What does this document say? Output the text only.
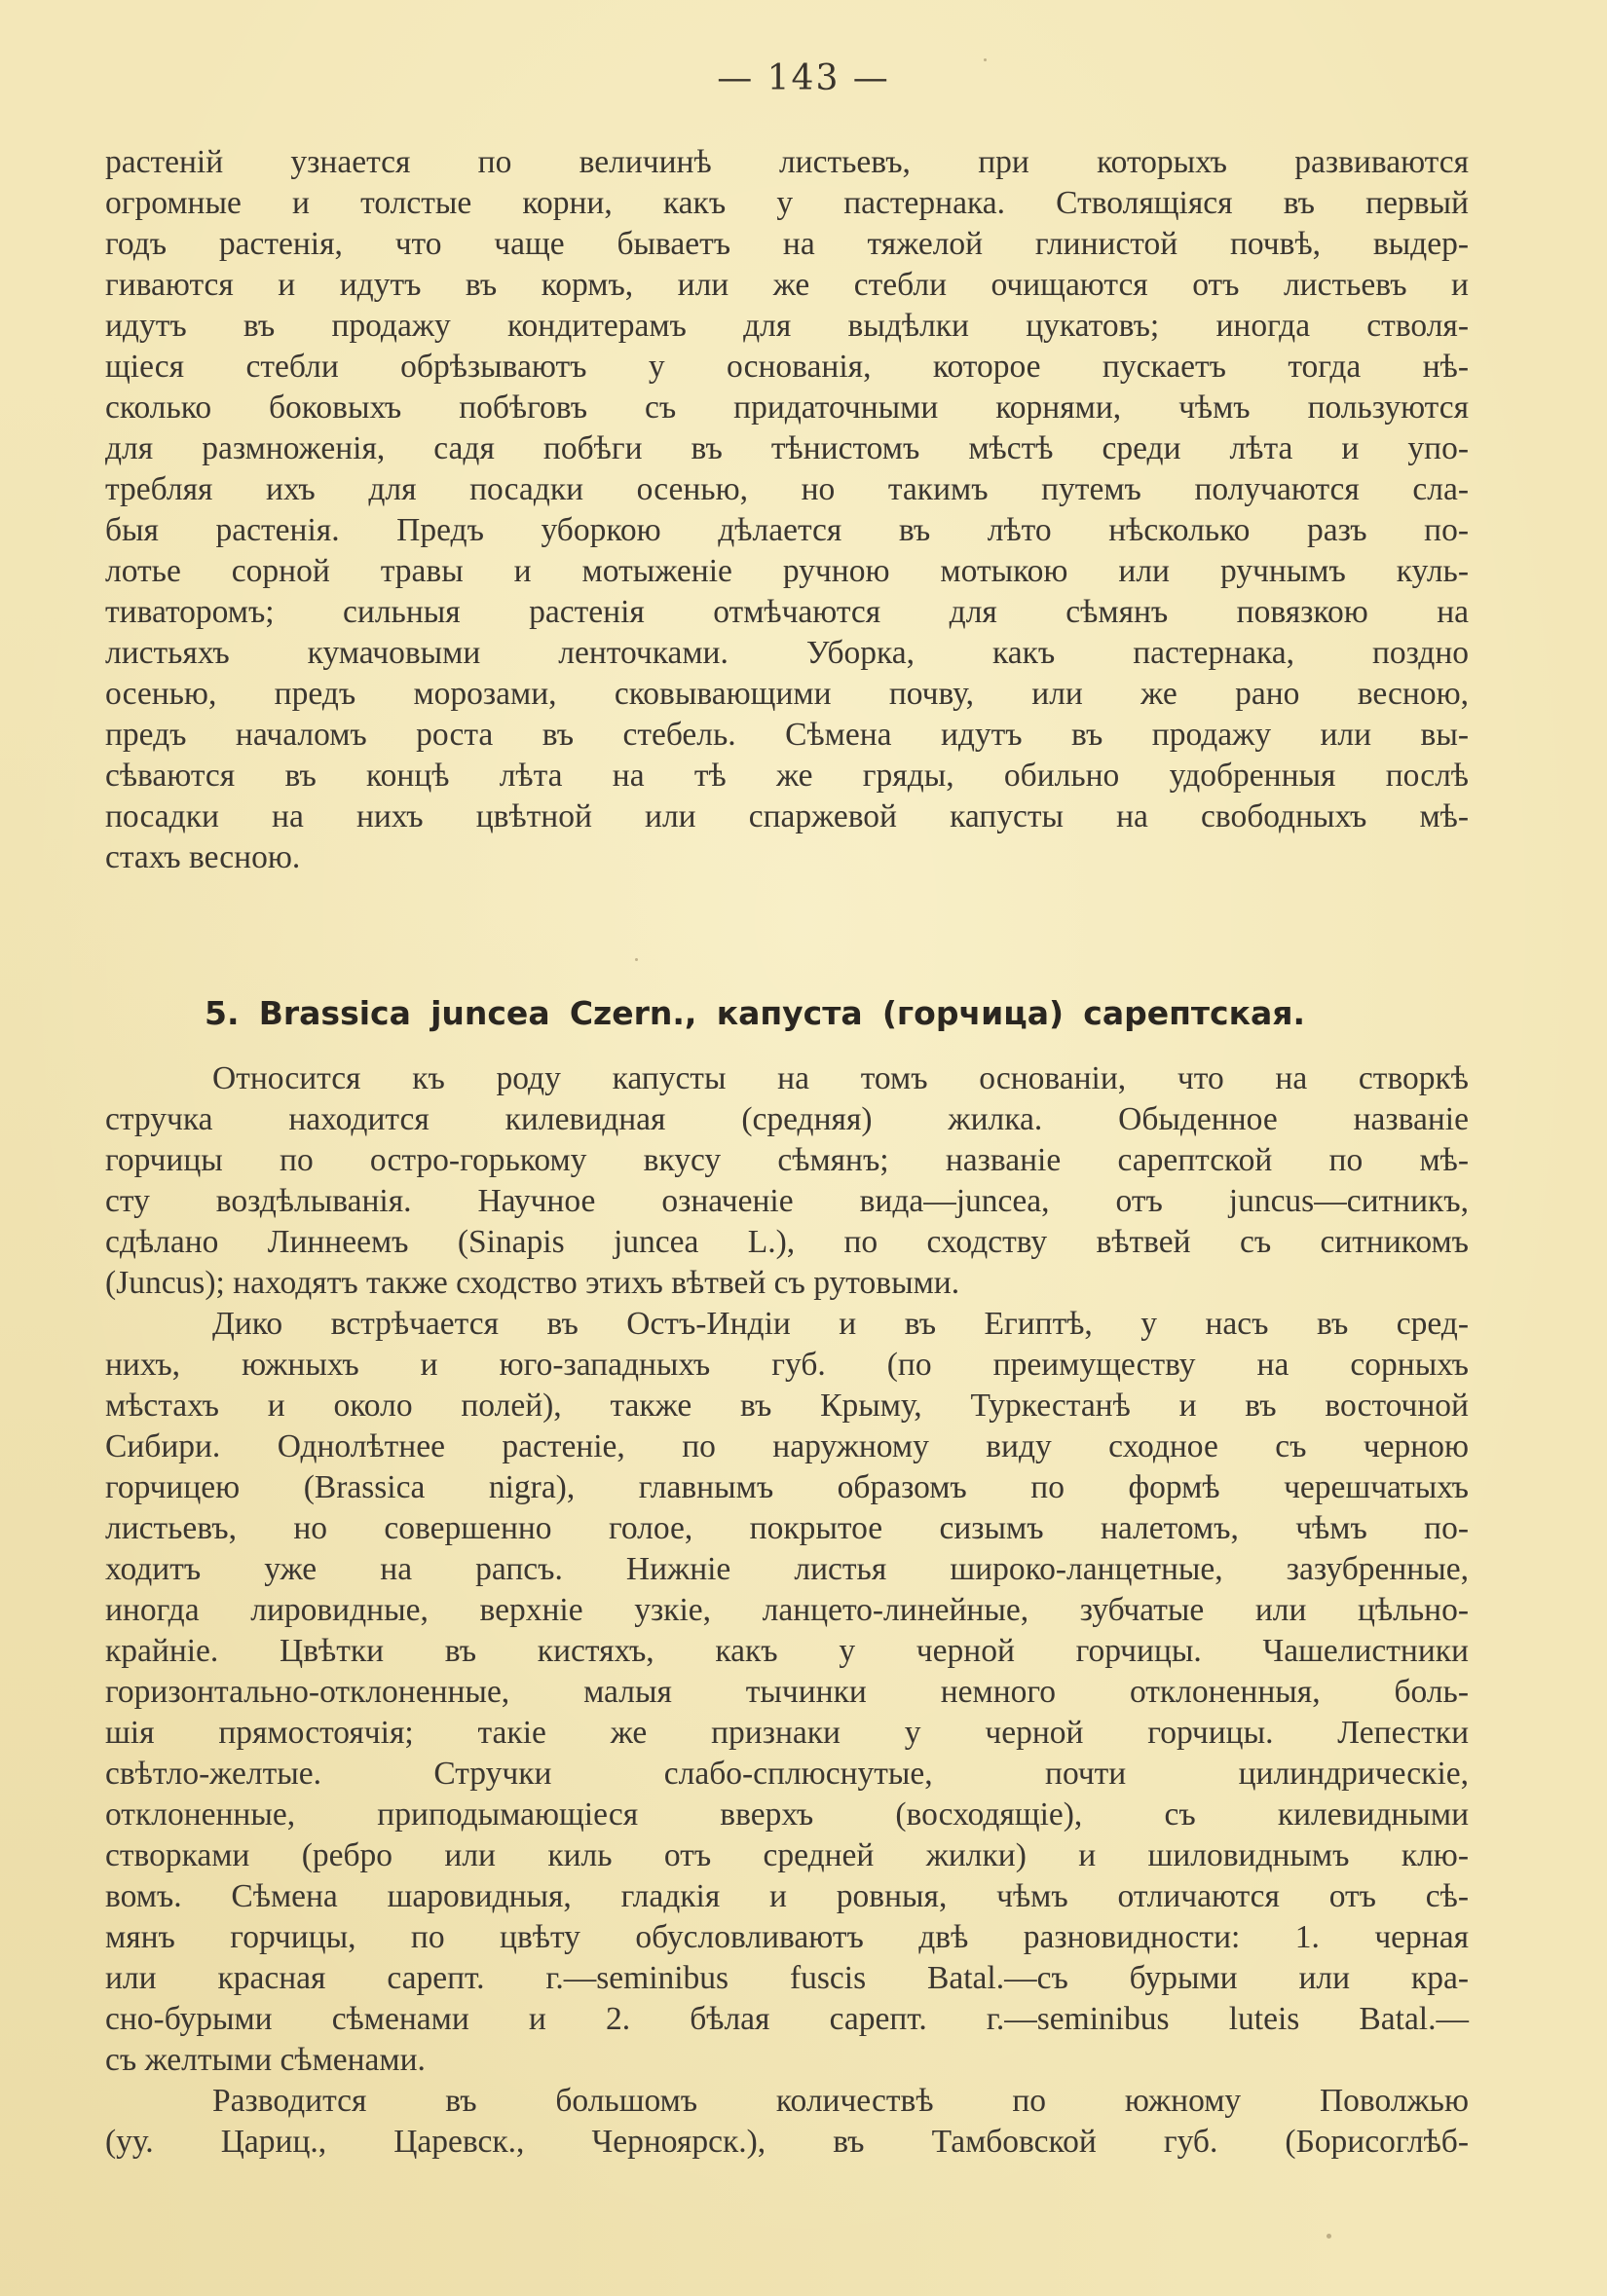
— 143 —
растеній узнается по величинѣ листьевъ, при которыхъ развиваются
огромные и толстые корни, какъ у пастернака. Стволящіяся въ первый
годъ растенія, что чаще бываетъ на тяжелой глинистой почвѣ, выдер-
гиваются и идутъ въ кормъ, или же стебли очищаются отъ листьевъ и
идутъ въ продажу кондитерамъ для выдѣлки цукатовъ; иногда стволя-
щіеся стебли обрѣзываютъ у основанія, которое пускаетъ тогда нѣ-
сколько боковыхъ побѣговъ съ придаточными корнями, чѣмъ пользуются
для размноженія, садя побѣги въ тѣнистомъ мѣстѣ среди лѣта и упо-
требляя ихъ для посадки осенью, но такимъ путемъ получаются сла-
быя растенія. Предъ уборкою дѣлается въ лѣто нѣсколько разъ по-
лотье сорной травы и мотыженіе ручною мотыкою или ручнымъ куль-
тиваторомъ; сильныя растенія отмѣчаются для сѣмянъ повязкою на
листьяхъ кумачовыми ленточками. Уборка, какъ пастернака, поздно
осенью, предъ морозами, сковывающими почву, или же рано весною,
предъ началомъ роста въ стебель. Сѣмена идутъ въ продажу или вы-
сѣваются въ концѣ лѣта на тѣ же гряды, обильно удобренныя послѣ
посадки на нихъ цвѣтной или спаржевой капусты на свободныхъ мѣ-
стахъ весною.
5. Brassica juncea Czern., капуста (горчица) сарептская.
Относится къ роду капусты на томъ основаніи, что на створкѣ
стручка находится килевидная (средняя) жилка. Обыденное названіе
горчицы по остро-горькому вкусу сѣмянъ; названіе сарептской по мѣ-
сту воздѣлыванія. Научное означеніе вида—juncea, отъ juncus—ситникъ,
сдѣлано Линнеемъ (Sinapis juncea L.), по сходству вѣтвей съ ситникомъ
(Juncus); находятъ также сходство этихъ вѣтвей съ рутовыми.
Дико встрѣчается въ Остъ-Индіи и въ Египтѣ, у насъ въ сред-
нихъ, южныхъ и юго-западныхъ губ. (по преимуществу на сорныхъ
мѣстахъ и около полей), также въ Крыму, Туркестанѣ и въ восточной
Сибири. Однолѣтнее растеніе, по наружному виду сходное съ черною
горчицею (Brassica nigra), главнымъ образомъ по формѣ черешчатыхъ
листьевъ, но совершенно голое, покрытое сизымъ налетомъ, чѣмъ по-
ходитъ уже на рапсъ. Нижніе листья широко-ланцетные, зазубренные,
иногда лировидные, верхніе узкіе, ланцето-линейные, зубчатые или цѣльно-
крайніе. Цвѣтки въ кистяхъ, какъ у черной горчицы. Чашелистники
горизонтально-отклоненные, малыя тычинки немного отклоненныя, боль-
шія прямостоячія; такіе же признаки у черной горчицы. Лепестки
свѣтло-желтые. Стручки слабо-сплюснутые, почти цилиндрическіе,
отклоненные, приподымающіеся вверхъ (восходящіе), съ килевидными
створками (ребро или киль отъ средней жилки) и шиловиднымъ клю-
вомъ. Сѣмена шаровидныя, гладкія и ровныя, чѣмъ отличаются отъ сѣ-
мянъ горчицы, по цвѣту обусловливаютъ двѣ разновидности: 1. черная
или красная сарепт. г.—seminibus fuscis Batal.—съ бурыми или кра-
сно-бурыми сѣменами и 2. бѣлая сарепт. г.—seminibus luteis Batal.—
съ желтыми сѣменами.
Разводится въ большомъ количествѣ по южному Поволжью
(уу. Цариц., Царевск., Черноярск.), въ Тамбовской губ. (Борисоглѣб-
